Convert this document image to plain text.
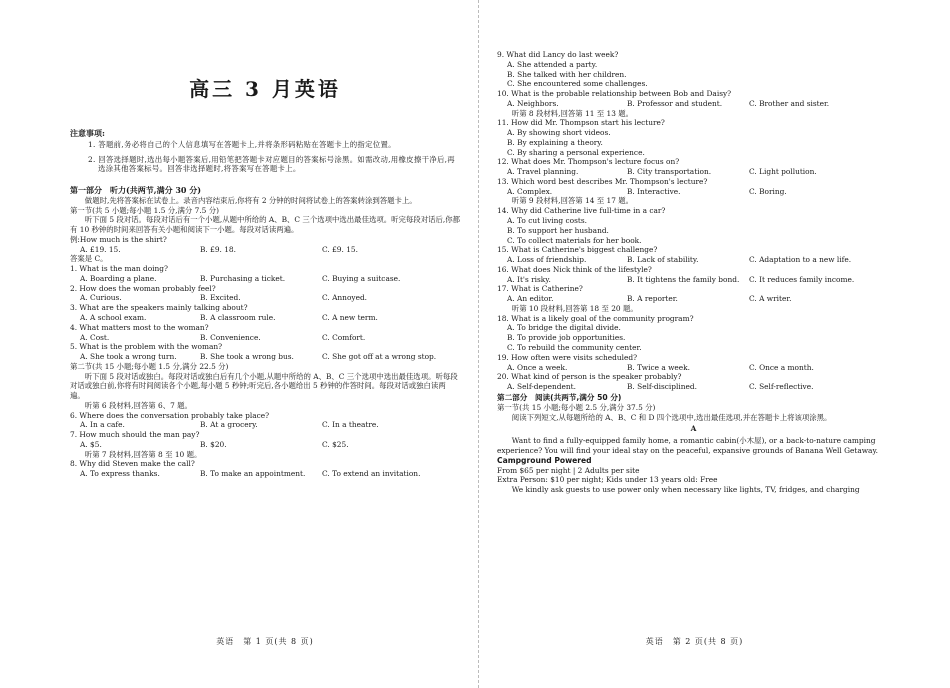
高三 3 月英语
注意事项:
1. 答题前,务必将自己的个人信息填写在答题卡上,并将条形码粘贴在答题卡上的指定位置。
2. 回答选择题时,选出每小题答案后,用铅笔把答题卡对应题目的答案标号涂黑。如需改动,用橡皮擦干净后,再选涂其他答案标号。回答非选择题时,将答案写在答题卡上。
第一部分　听力(共两节,满分 30 分)

做题时,先将答案标在试卷上。录音内容结束后,你将有 2 分钟的时间将试卷上的答案转涂到答题卡上。

第一节(共 5 小题;每小题 1.5 分,满分 7.5 分)

听下面 5 段对话。每段对话后有一个小题,从题中所给的 A、B、C 三个选项中选出最佳选项。听完每段对话后,你都有 10 秒钟的时间来回答有关小题和阅读下一小题。每段对话读两遍。

例:How much is the shirt?

A. £19. 15.	B. £9. 18.	C. £9. 15.

答案是 C。

1. What is the man doing?

A. Boarding a plane.	B. Purchasing a ticket.	C. Buying a suitcase.

2. How does the woman probably feel?

A. Curious.	B. Excited.	C. Annoyed.

3. What are the speakers mainly talking about?

A. A school exam.	B. A classroom rule.	C. A new term.

4. What matters most to the woman?

A. Cost.	B. Convenience.	C. Comfort.

5. What is the problem with the woman?

A. She took a wrong turn.	B. She took a wrong bus.	C. She got off at a wrong stop.

第二节(共 15 小题;每小题 1.5 分,满分 22.5 分)

听下面 5 段对话或独白。每段对话或独白后有几个小题,从题中所给的 A、B、C 三个选项中选出最佳选项。听每段对话或独白前,你将有时间阅读各个小题,每小题 5 秒钟;听完后,各小题给出 5 秒钟的作答时间。每段对话或独白读两遍。

听第 6 段材料,回答第 6、7 题。

6. Where does the conversation probably take place?

A. In a cafe.	B. At a grocery.	C. In a theatre.

7. How much should the man pay?

A. $5.	B. $20.	C. $25.

听第 7 段材料,回答第 8 至 10 题。

8. Why did Steven make the call?

A. To express thanks.	B. To make an appointment.	C. To extend an invitation.
英语　第 1 页(共 8 页)

9. What did Lancy do last week?

A. She attended a party.

B. She talked with her children.

C. She encountered some challenges.

10. What is the probable relationship between Bob and Daisy?

A. Neighbors.	B. Professor and student.	C. Brother and sister.

听第 8 段材料,回答第 11 至 13 题。

11. How did Mr. Thompson start his lecture?

A. By showing short videos.

B. By explaining a theory.

C. By sharing a personal experience.

12. What does Mr. Thompson's lecture focus on?

A. Travel planning.	B. City transportation.	C. Light pollution.

13. Which word best describes Mr. Thompson's lecture?

A. Complex.	B. Interactive.	C. Boring.

听第 9 段材料,回答第 14 至 17 题。

14. Why did Catherine live full-time in a car?

A. To cut living costs.

B. To support her husband.

C. To collect materials for her book.

15. What is Catherine's biggest challenge?

A. Loss of friendship.	B. Lack of stability.	C. Adaptation to a new life.

16. What does Nick think of the lifestyle?

A. It's risky.	B. It tightens the family bond.	C. It reduces family income.

17. What is Catherine?

A. An editor.	B. A reporter.	C. A writer.

听第 10 段材料,回答第 18 至 20 题。

18. What is a likely goal of the community program?

A. To bridge the digital divide.

B. To provide job opportunities.

C. To rebuild the community center.

19. How often were visits scheduled?

A. Once a week.	B. Twice a week.	C. Once a month.

20. What kind of person is the speaker probably?

A. Self-dependent.	B. Self-disciplined.	C. Self-reflective.
第二部分　阅读(共两节,满分 50 分)

第一节(共 15 小题;每小题 2.5 分,满分 37.5 分)

阅读下列短文,从每题所给的 A、B、C 和 D 四个选项中,选出最佳选项,并在答题卡上将该项涂黑。

A

Want to find a fully-equipped family home, a romantic cabin(小木屋), or a back-to-nature camping experience? You will find your ideal stay on the peaceful, expansive grounds of Banana Well Getaway.

Campground Powered

From $65 per night | 2 Adults per site

Extra Person: $10 per night; Kids under 13 years old: Free

We kindly ask guests to use power only when necessary like lights, TV, fridges, and charging

英语　第 2 页(共 8 页)
